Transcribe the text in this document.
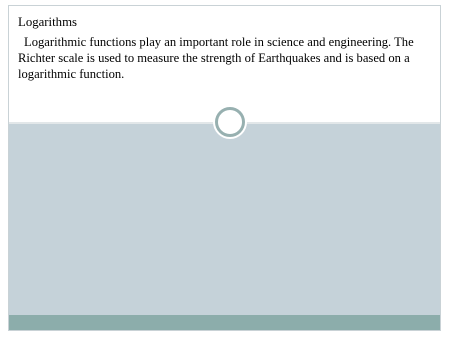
Logarithms
Logarithmic functions play an important role in science and engineering. The Richter scale is used to measure the strength of Earthquakes and is based on a logarithmic function.
